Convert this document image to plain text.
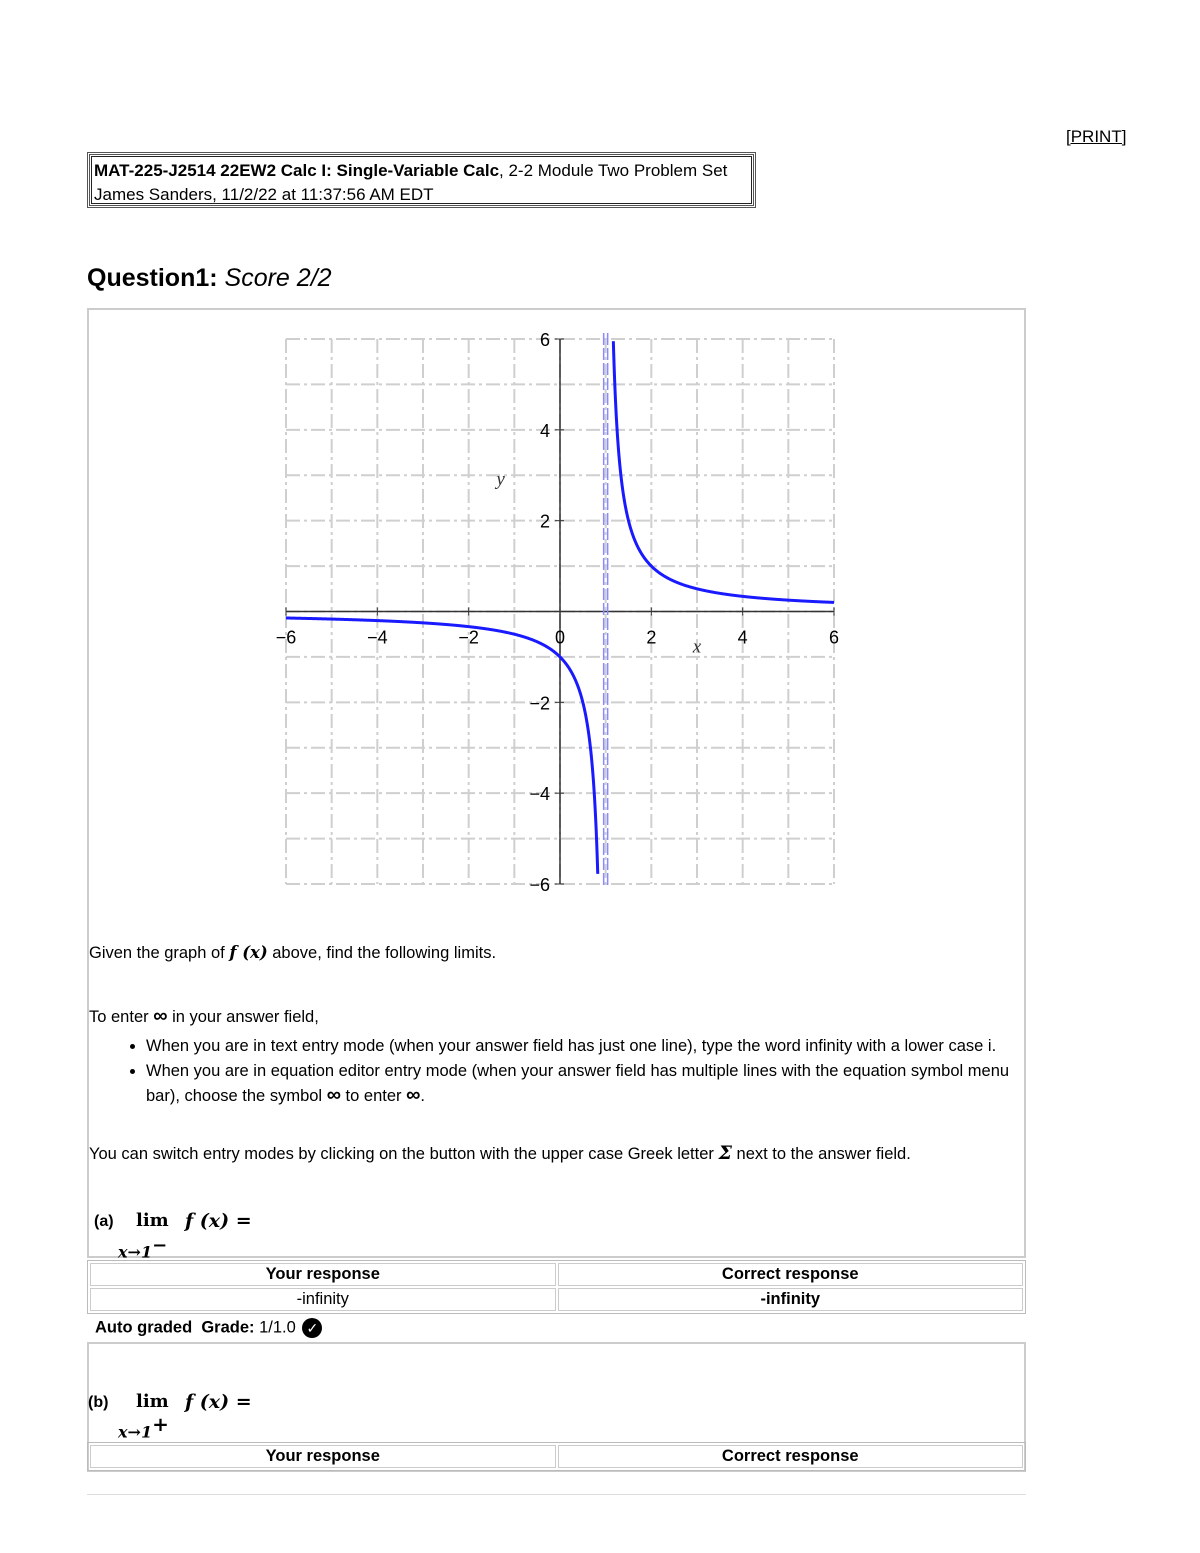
[PRINT]
MAT-225-J2514 22EW2 Calc I: Single-Variable Calc, 2-2 Module Two Problem Set
James Sanders, 11/2/22 at 11:37:56 AM EDT
Question1: Score 2/2
−6	−4	−2	0	2	4	6
−6
−4
−2
2
4
6
x
y
Given the graph of f (x) above, find the following limits.
To enter ∞ in your answer field,
• When you are in text entry mode (when your answer field has just one line), type the word infinity with a lower case i.
• When you are in equation editor entry mode (when your answer field has multiple lines with the equation symbol menu bar), choose the symbol ∞ to enter ∞.
You can switch entry modes by clicking on the button with the upper case Greek letter Σ next to the answer field.
(a) lim
x→1−
f (x) =
Your response	Correct response
-infinity	-infinity
Auto graded Grade: 1/1.0 ✓
(b) lim
x→1+
f (x) =
Your response	Correct response
